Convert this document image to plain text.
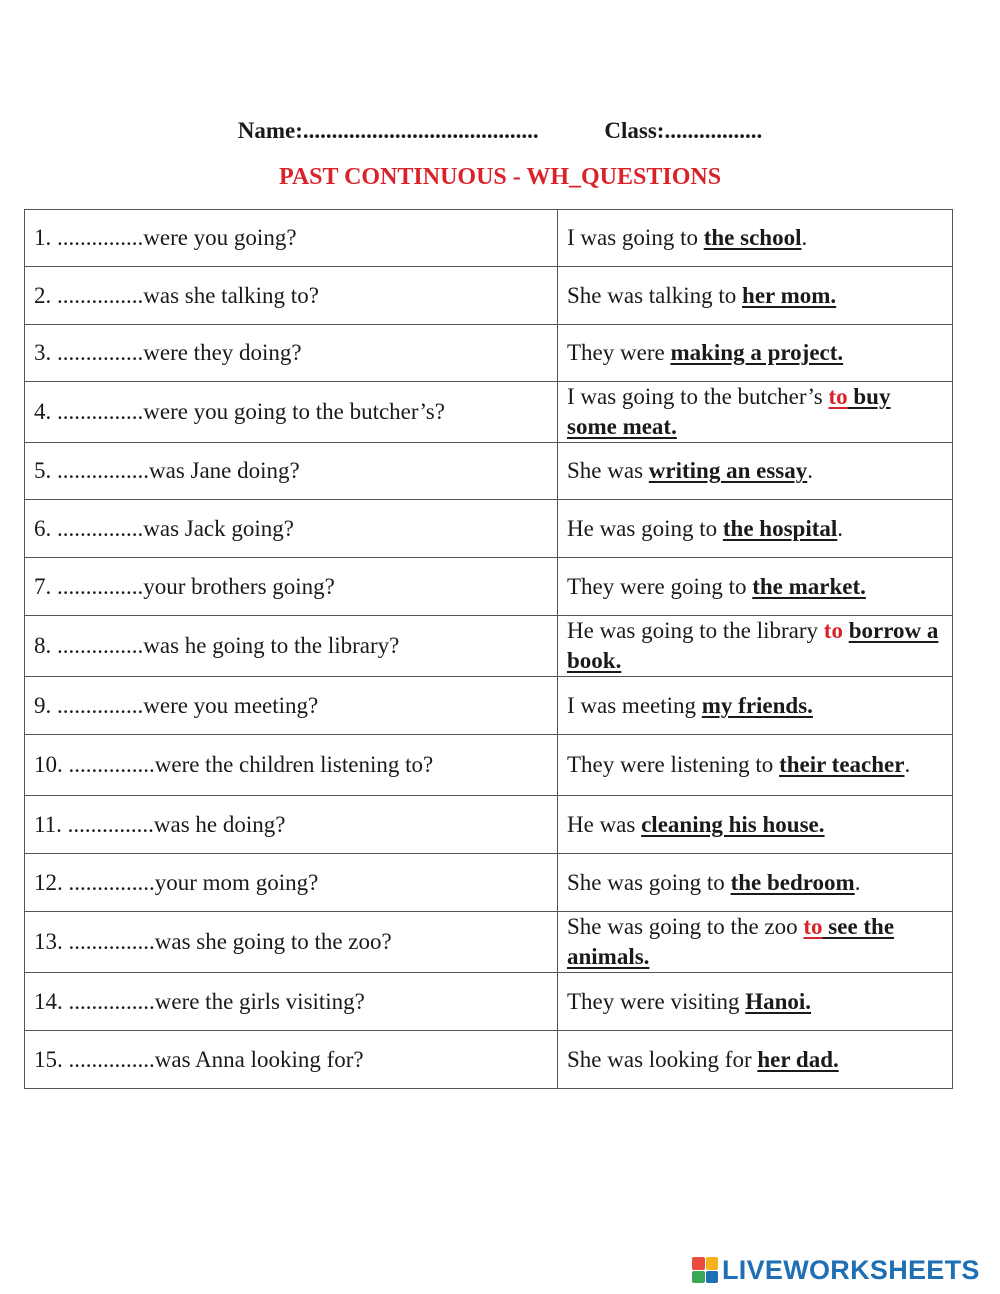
Name:.........................................	Class:.................
PAST CONTINUOUS - WH_QUESTIONS
1. ...............were you going?	I was going to the school.
2. ...............was she talking to?	She was talking to her mom.
3. ...............were they doing?	They were making a project.
4. ...............were you going to the butcher’s?	I was going to the butcher’s to buy some meat.
5. ................was Jane doing?	She was writing an essay.
6. ...............was Jack going?	He was going to the hospital.
7. ...............your brothers going?	They were going to the market.
8. ...............was he going to the library?	He was going to the library to borrow a book.
9. ...............were you meeting?	I was meeting my friends.
10. ...............were the children listening to?	They were listening to their teacher.
11. ...............was he doing?	He was cleaning his house.
12. ...............your mom going?	She was going to the bedroom.
13. ...............was she going to the zoo?	She was going to the zoo to see the animals.
14. ...............were the girls visiting?	They were visiting Hanoi.
15. ...............was Anna looking for?	She was looking for her dad.
LIVEWORKSHEETS
